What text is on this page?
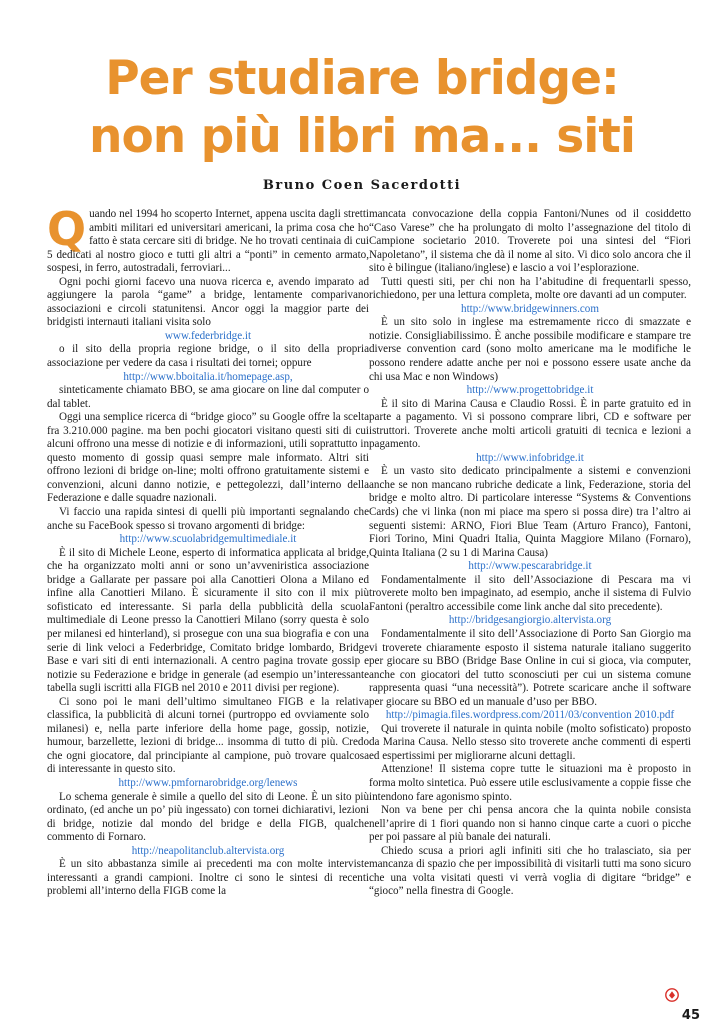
Per studiare bridge:
non più libri ma... siti
Bruno Coen Sacerdotti

Quando nel 1994 ho scoperto Internet, appena uscita dagli stretti ambiti militari ed universitari americani, la prima cosa che ho fatto è stata cercare siti di bridge. Ne ho trovati centinaia di cui 5 dedicati al nostro gioco e tutti gli altri a “ponti” in cemento armato, sospesi, in ferro, autostradali, ferroviari...

Ogni pochi giorni facevo una nuova ricerca e, avendo imparato ad aggiungere la parola “game” a bridge, lentamente comparivano associazioni e circoli statunitensi. Ancor oggi la maggior parte dei bridgisti internauti italiani visita solo

www.federbridge.it

o il sito della propria regione bridge, o il sito della propria associazione per vedere da casa i risultati dei tornei; oppure

http://www.bboitalia.it/homepage.asp,

sinteticamente chiamato BBO, se ama giocare on line dal computer o dal tablet.

Oggi una semplice ricerca di “bridge gioco” su Google offre la scelta fra 3.210.000 pagine. ma ben pochi giocatori visitano questi siti di cui alcuni offrono una messe di notizie e di informazioni, utili soprattutto in questo momento di gossip quasi sempre male informato. Altri siti offrono lezioni di bridge on-line; molti offrono gratuitamente sistemi e convenzioni, alcuni danno notizie, e pettegolezzi, dall’interno della Federazione e dalle squadre nazionali.

Vi faccio una rapida sintesi di quelli più importanti segnalando che anche su FaceBook spesso si trovano argomenti di bridge:

http://www.scuolabridgemultimediale.it

È il sito di Michele Leone, esperto di informatica applicata al bridge, che ha organizzato molti anni or sono un’avveniristica associazione bridge a Gallarate per passare poi alla Canottieri Olona a Milano ed infine alla Canottieri Milano. È sicuramente il sito con il mix più sofisticato ed interessante. Si parla della pubblicità della scuola multimediale di Leone presso la Canottieri Milano (sorry questa è solo per milanesi ed hinterland), si prosegue con una sua biografia e con una serie di link veloci a Federbridge, Comitato bridge lombardo, Bridge Base e vari siti di enti internazionali. A centro pagina trovate gossip e notizie su Federazione e bridge in generale (ad esempio un’interessante tabella sugli iscritti alla FIGB nel 2010 e 2011 divisi per regione).

Ci sono poi le mani dell’ultimo simultaneo FIGB e la relativa classifica, la pubblicità di alcuni tornei (purtroppo ed ovviamente solo milanesi) e, nella parte inferiore della home page, gossip, notizie, humour, barzellette, lezioni di bridge... insomma di tutto di più. Credo che ogni giocatore, dal principiante al campione, può trovare qualcosa di interessante in questo sito.

http://www.pmfornarobridge.org/lenews

Lo schema generale è simile a quello del sito di Leone. È un sito più ordinato, (ed anche un po’ più ingessato) con tornei dichiarativi, lezioni di bridge, notizie dal mondo del bridge e della FIGB, qualche commento di Fornaro.

http://neapolitanclub.altervista.org

È un sito abbastanza simile ai precedenti ma con molte interviste interessanti a grandi campioni. Inoltre ci sono le sintesi di recenti problemi all’interno della FIGB come la

mancata convocazione della coppia Fantoni/Nunes od il cosiddetto “Caso Varese” che ha prolungato di molto l’assegnazione del titolo di Campione societario 2010. Troverete poi una sintesi del “Fiori Napoletano”, il sistema che dà il nome al sito. Vi dico solo ancora che il sito è bilingue (italiano/inglese) e lascio a voi l’esplorazione.

Tutti questi siti, per chi non ha l’abitudine di frequentarli spesso, richiedono, per una lettura completa, molte ore davanti ad un computer.

http://www.bridgewinners.com

È un sito solo in inglese ma estremamente ricco di smazzate e notizie. Consigliabilissimo. È anche possibile modificare e stampare tre diverse convention card (sono molto americane ma le modifiche le possono rendere adatte anche per noi e possono essere usate anche da chi usa Mac e non Windows)

http://www.progettobridge.it

È il sito di Marina Causa e Claudio Rossi. È in parte gratuito ed in parte a pagamento. Vi si possono comprare libri, CD e software per istruttori. Troverete anche molti articoli gratuiti di tecnica e lezioni a pagamento.

http://www.infobridge.it

È un vasto sito dedicato principalmente a sistemi e convenzioni anche se non mancano rubriche dedicate a link, Federazione, storia del bridge e molto altro. Di particolare interesse “Systems & Conventions Cards) che vi linka (non mi piace ma spero si possa dire) tra l’altro ai seguenti sistemi: ARNO, Fiori Blue Team (Arturo Franco), Fantoni, Fiori Torino, Mini Quadri Italia, Quinta Maggiore Milano (Fornaro), Quinta Italiana (2 su 1 di Marina Causa)

http://www.pescarabridge.it

Fondamentalmente il sito dell’Associazione di Pescara ma vi troverete molto ben impaginato, ad esempio, anche il sistema di Fulvio Fantoni (peraltro accessibile come link anche dal sito precedente).

http://bridgesangiorgio.altervista.org

Fondamentalmente il sito dell’Associazione di Porto San Giorgio ma vi troverete chiaramente esposto il sistema naturale italiano suggerito per giocare su BBO (Bridge Base Online in cui si gioca, via computer, anche con giocatori del tutto sconosciuti per cui un sistema comune rappresenta quasi “una necessità”). Potrete scaricare anche il software per giocare su BBO ed un manuale d’uso per BBO.

http://pimagia.files.wordpress.com/2011/03/convention 2010.pdf

Qui troverete il naturale in quinta nobile (molto sofisticato) proposto da Marina Causa. Nello stesso sito troverete anche commenti di esperti ed espertissimi per migliorarne alcuni dettagli.

Attenzione! Il sistema copre tutte le situazioni ma è proposto in forma molto sintetica. Può essere utile esclusivamente a coppie fisse che intendono fare agonismo spinto.

Non va bene per chi pensa ancora che la quinta nobile consista nell’aprire di 1 fiori quando non si hanno cinque carte a cuori o picche per poi passare al più banale dei naturali.

Chiedo scusa a priori agli infiniti siti che ho tralasciato, sia per mancanza di spazio che per impossibilità di visitarli tutti ma sono sicuro che una volta visitati questi vi verrà voglia di digitare “bridge” e “gioco” nella finestra di Google.

45
